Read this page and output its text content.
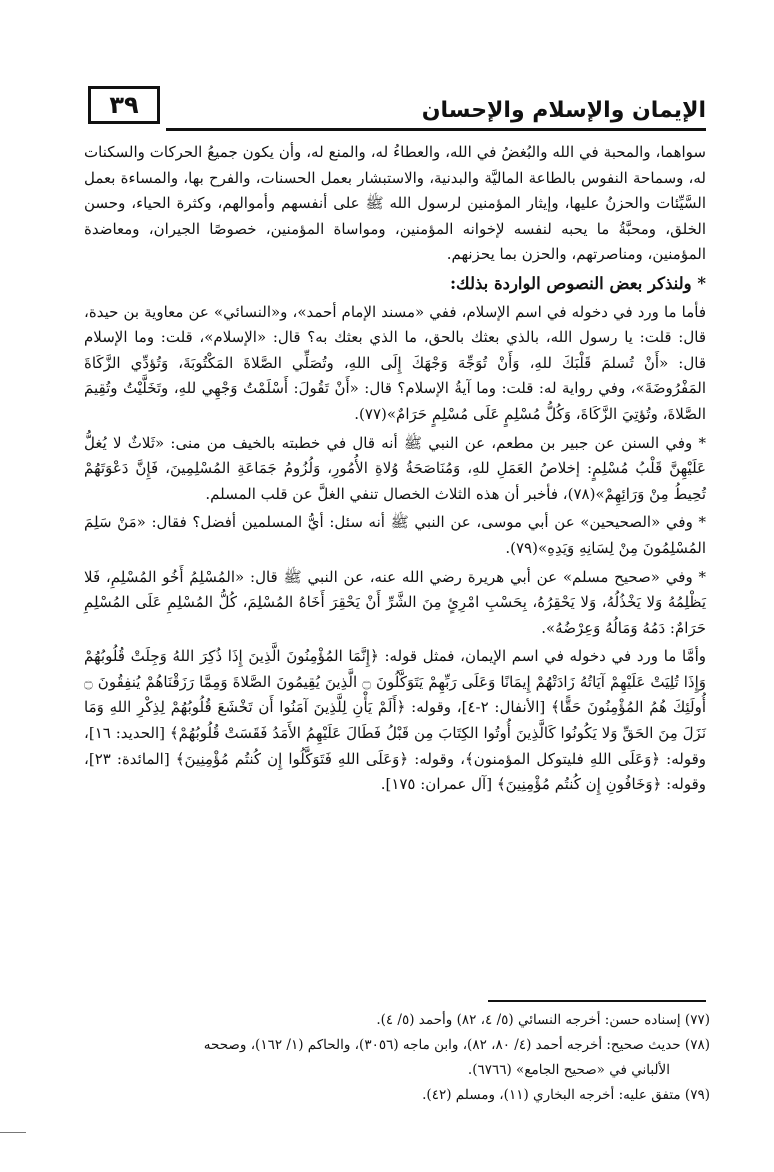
الإيمان والإسلام والإحسان
٣٩

سواهما، والمحبة في الله والبُغضُ في الله، والعطاءُ له، والمنع له، وأن يكون جميعُ الحركات والسكنات له، وسماحة النفوس بالطاعة الماليَّة والبدنية، والاستبشار بعمل الحسنات، والفرح بها، والمساءة بعمل السَّيِّئات والحزنُ عليها، وإيثار المؤمنين لرسول الله ﷺ على أنفسهم وأموالهم، وكثرة الحياء، وحسن الخلق، ومحبَّةُ ما يحبه لنفسه لإخوانه المؤمنين، ومواساة المؤمنين، خصوصًا الجيران، ومعاضدة المؤمنين، ومناصرتهم، والحزن بما يحزنهم.

* ولنذكر بعض النصوص الواردة بذلك:

فأما ما ورد في دخوله في اسم الإسلام، ففي «مسند الإمام أحمد»، و«النسائي» عن معاوية بن حيدة، قال: قلت: يا رسول الله، بالذي بعثك بالحق، ما الذي بعثك به؟ قال: «الإسلام»، قلت: وما الإسلام قال: «أَنْ تُسلمَ قَلْبَكَ للهِ، وَأَنْ تُوَجِّهَ وَجْهَكَ إِلَى اللهِ، وتُصَلِّي الصَّلاةَ المَكْتُوبَةَ، وَتُؤدِّي الزَّكَاةَ المَفْرُوضَةَ»، وفي رواية له: قلت: وما آيةُ الإسلام؟ قال: «أَنْ تَقُولَ: أَسْلَمْتُ وَجْهِي للهِ، وتَخَلَّيْتُ وتُقِيمَ الصَّلاةَ، وتُؤتِيَ الزَّكَاةَ، وَكُلُّ مُسْلِمٍ عَلَى مُسْلِمٍ حَرَامٌ»(٧٧).

* وفي السنن عن جبير بن مطعم، عن النبي ﷺ أنه قال في خطبته بالخيف من منى: «ثَلاثٌ لا يُغلُّ عَلَيْهِنَّ قَلْبُ مُسْلِمٍ: إخلاصُ العَمَلِ للهِ، وَمُنَاصَحَةُ وُلاةِ الأُمُورِ، وَلُزُومُ جَمَاعَةِ المُسْلِمِينَ، فَإِنَّ دَعْوَتَهُمْ تُحِيطُ مِنْ وَرَائِهِمْ»(٧٨)، فأخبر أن هذه الثلاث الخصال تنفي الغلَّ عن قلب المسلم.

* وفي «الصحيحين» عن أبي موسى، عن النبي ﷺ أنه سئل: أيُّ المسلمين أفضل؟ فقال: «مَنْ سَلِمَ المُسْلِمُونَ مِنْ لِسَانِهِ وَيَدِهِ»(٧٩).

* وفي «صحيح مسلم» عن أبي هريرة رضي الله عنه، عن النبي ﷺ قال: «المُسْلِمُ أَخُو المُسْلِمِ، فَلا يَظْلِمُهُ وَلا يَخْذُلُهُ، وَلا يَحْقِرُهُ، بِحَسْبِ امْرِئٍ مِنَ الشَّرِّ أَنْ يَحْقِرَ أَخَاهُ المُسْلِمَ، كُلُّ المُسْلِمِ عَلَى المُسْلِمِ حَرَامٌ: دَمُهُ وَمَالُهُ وَعِرْضُهُ».

وأمَّا ما ورد في دخوله في اسم الإيمان، فمثل قوله: ﴿إِنَّمَا المُؤْمِنُونَ الَّذِينَ إِذَا ذُكِرَ اللهُ وَجِلَتْ قُلُوبُهُمْ وَإِذَا تُلِيَتْ عَلَيْهِمْ آيَاتُهُ زَادَتْهُمْ إِيمَانًا وَعَلَى رَبِّهِمْ يَتَوَكَّلُونَ ۝ الَّذِينَ يُقِيمُونَ الصَّلاةَ وَمِمَّا رَزَقْنَاهُمْ يُنفِقُونَ ۝ أُولَئِكَ هُمُ المُؤْمِنُونَ حَقًّا﴾ [الأنفال: ٢-٤]، وقوله: ﴿أَلَمْ يَأْنِ لِلَّذِينَ آمَنُوا أَن تَخْشَعَ قُلُوبُهُمْ لِذِكْرِ اللهِ وَمَا نَزَلَ مِنَ الحَقِّ وَلا يَكُونُوا كَالَّذِينَ أُوتُوا الكِتَابَ مِن قَبْلُ فَطَالَ عَلَيْهِمُ الأَمَدُ فَقَسَتْ قُلُوبُهُمْ﴾ [الحديد: ١٦]، وقوله: ﴿وَعَلَى اللهِ فليتوكل المؤمنون﴾، وقوله: ﴿وَعَلَى اللهِ فَتَوَكَّلُوا إِن كُنتُم مُؤْمِنِينَ﴾ [المائدة: ٢٣]، وقوله: ﴿وَخَافُونِ إِن كُنتُم مُؤْمِنِينَ﴾ [آل عمران: ١٧٥].

(٧٧) إسناده حسن: أخرجه النسائي (٥/ ٤، ٨٢) وأحمد (٥/ ٤).

(٧٨) حديث صحيح: أخرجه أحمد (٤/ ٨٠، ٨٢)، وابن ماجه (٣٠٥٦)، والحاكم (١/ ١٦٢)، وصححه

الألباني في «صحيح الجامع» (٦٧٦٦).

(٧٩) متفق عليه: أخرجه البخاري (١١)، ومسلم (٤٢).
